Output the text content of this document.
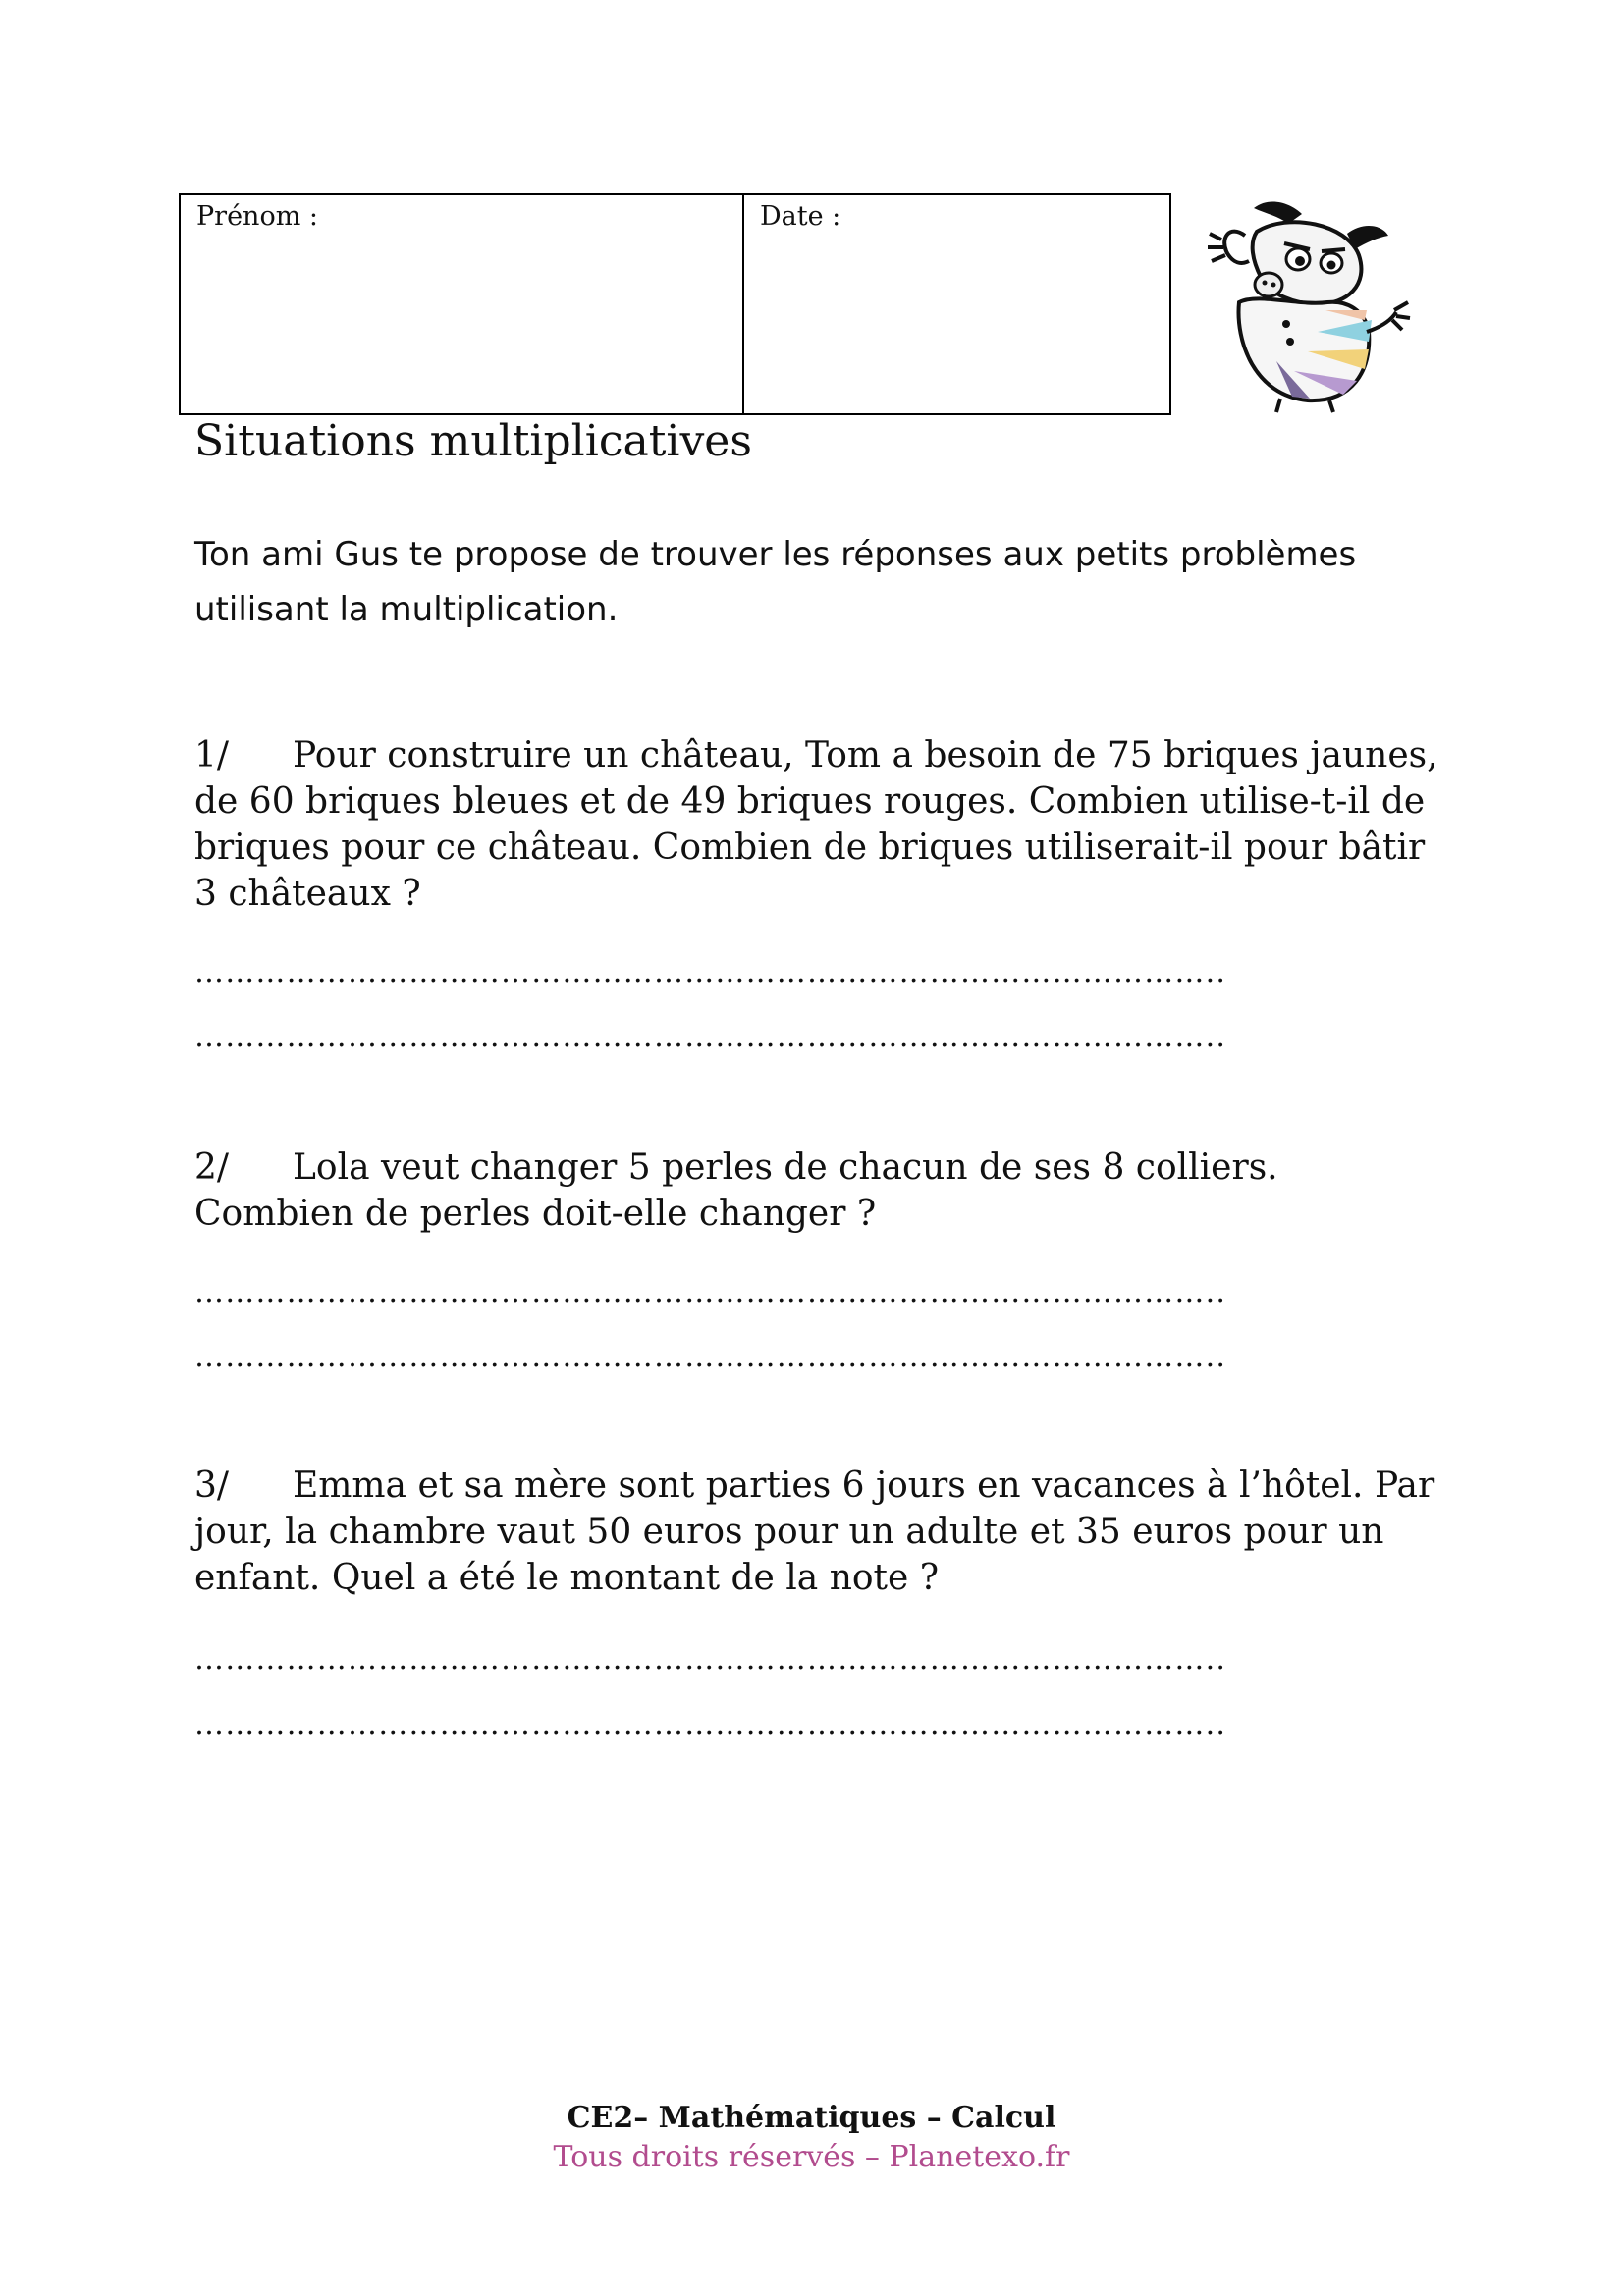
Prénom :	Date :
Situations multiplicatives

Ton ami Gus te propose de trouver les réponses aux petits problèmes utilisant la multiplication.

1/ Pour construire un château, Tom a besoin de 75 briques jaunes, de 60 briques bleues et de 49 briques rouges. Combien utilise-t-il de briques pour ce château. Combien de briques utiliserait-il pour bâtir 3 châteaux ?

………………………………………………………………………………………..
………………………………………………………………………………………..

2/ Lola veut changer 5 perles de chacun de ses 8 colliers. Combien de perles doit-elle changer ?

………………………………………………………………………………………..
………………………………………………………………………………………..

3/ Emma et sa mère sont parties 6 jours en vacances à l’hôtel. Par jour, la chambre vaut 50 euros pour un adulte et 35 euros pour un enfant. Quel a été le montant de la note ?

………………………………………………………………………………………..
………………………………………………………………………………………..
CE2– Mathématiques – Calcul
Tous droits réservés – Planetexo.fr
